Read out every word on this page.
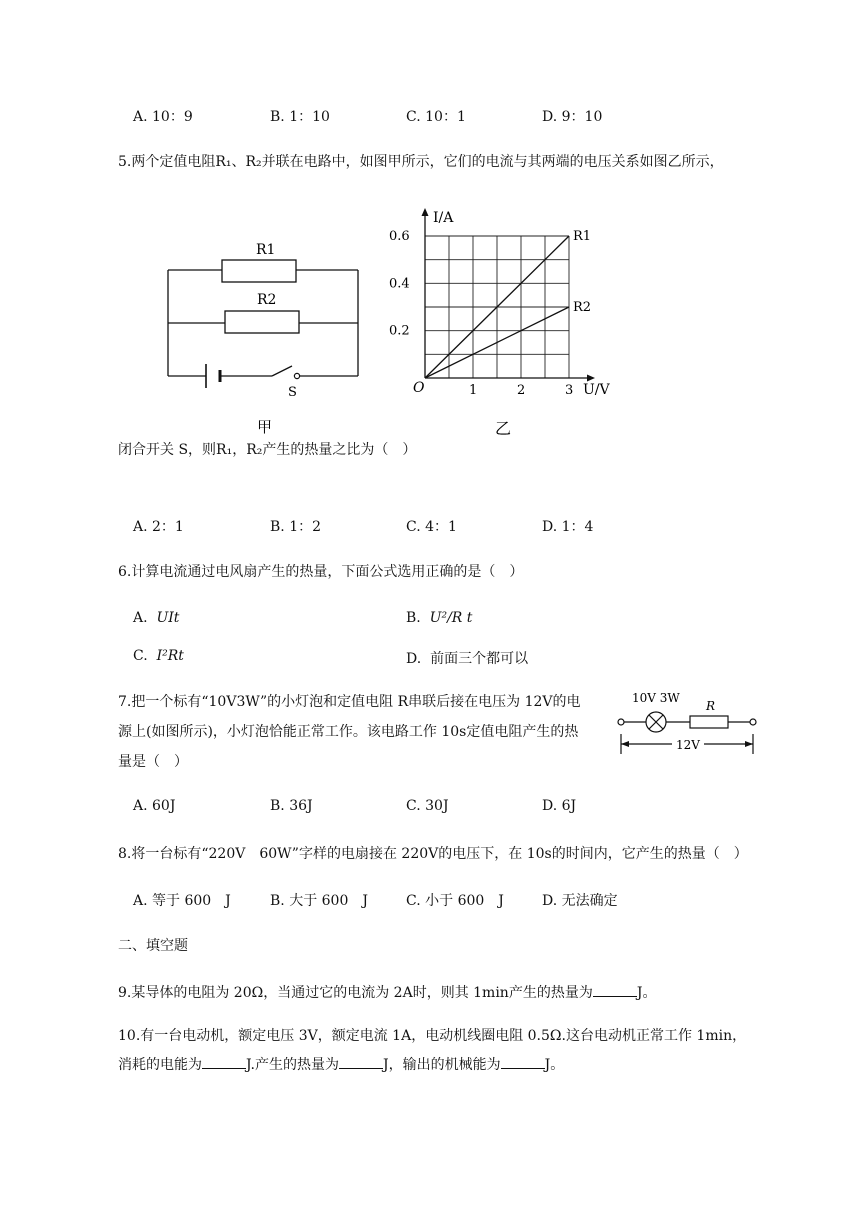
A. 10：9	B. 1：10	C. 10：1	D. 9：10
5.两个定值电阻R₁、R₂并联在电路中，如图甲所示，它们的电流与其两端的电压关系如图乙所示，
R1
R2
S
甲
1	2	3
0.2
0.4
0.6
O	U/V
I/A
R1
R2
乙
闭合开关 S，则R₁，R₂产生的热量之比为（　）
A. 2：1	B. 1：2	C. 4：1	D. 1：4
6.计算电流通过电风扇产生的热量，下面公式选用正确的是（　）
A. UIt	B. U²/R t
C. I²Rt	D. 前面三个都可以
7.把一个标有“10V3W”的小灯泡和定值电阻 R串联后接在电压为 12V的电
源上(如图所示)，小灯泡恰能正常工作。该电路工作 10s定值电阻产生的热
量是（　）
10V 3W
R
12V
A. 60J	B. 36J	C. 30J	D. 6J
8.将一台标有“220V　60W”字样的电扇接在 220V的电压下，在 10s的时间内，它产生的热量（　）
A. 等于 600　J	B. 大于 600　J	C. 小于 600　J	D. 无法确定
二、填空题
9.某导体的电阻为 20Ω，当通过它的电流为 2A时，则其 1min产生的热量为	J。
10.有一台电动机，额定电压 3V，额定电流 1A，电动机线圈电阻 0.5Ω.这台电动机正常工作 1min，
消耗的电能为	J.产生的热量为	J，输出的机械能为	J。
